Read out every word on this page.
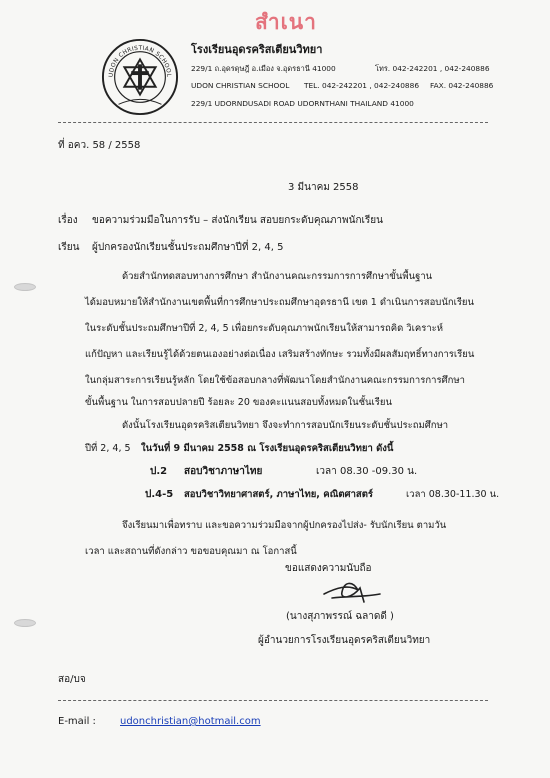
สำเนา
UDON CHRISTIAN SCHOOL
โรงเรียนอุดรคริสเตียนวิทยา
229/1 ถ.อุดรดุษฎี อ.เมือง จ.อุดรธานี 41000	โทร. 042-242201 , 042-240886
UDON CHRISTIAN SCHOOL TEL. 042-242201 , 042-240886 FAX. 042-240886
229/1 UDORNDUSADI ROAD UDORNTHANI THAILAND 41000
ที่ อคว. 58 / 2558
3 มีนาคม 2558
เรื่อง ขอความร่วมมือในการรับ – ส่งนักเรียน สอบยกระดับคุณภาพนักเรียน
เรียน ผู้ปกครองนักเรียนชั้นประถมศึกษาปีที่ 2, 4, 5
ด้วยสำนักทดสอบทางการศึกษา สำนักงานคณะกรรมการการศึกษาขั้นพื้นฐาน
ได้มอบหมายให้สำนักงานเขตพื้นที่การศึกษาประถมศึกษาอุดรธานี เขต 1 ดำเนินการสอบนักเรียน
ในระดับชั้นประถมศึกษาปีที่ 2, 4, 5 เพื่อยกระดับคุณภาพนักเรียนให้สามารถคิด วิเคราะห์
แก้ปัญหา และเรียนรู้ได้ด้วยตนเองอย่างต่อเนื่อง เสริมสร้างทักษะ รวมทั้งมีผลสัมฤทธิ์ทางการเรียน
ในกลุ่มสาระการเรียนรู้หลัก โดยใช้ข้อสอบกลางที่พัฒนาโดยสำนักงานคณะกรรมการการศึกษา
ขั้นพื้นฐาน ในการสอบปลายปี ร้อยละ 20 ของคะแนนสอบทั้งหมดในชั้นเรียน
ดังนั้นโรงเรียนอุดรคริสเตียนวิทยา จึงจะทำการสอบนักเรียนระดับชั้นประถมศึกษา
ปีที่ 2, 4, 5 ในวันที่ 9 มีนาคม 2558 ณ โรงเรียนอุดรคริสเตียนวิทยา ดังนี้
ป.2 สอบวิชาภาษาไทย	เวลา 08.30 -09.30 น.
ป.4-5 สอบวิชาวิทยาศาสตร์, ภาษาไทย, คณิตศาสตร์	เวลา 08.30-11.30 น.
จึงเรียนมาเพื่อทราบ และขอความร่วมมือจากผู้ปกครองไปส่ง- รับนักเรียน ตามวัน
เวลา และสถานที่ดังกล่าว ขอขอบคุณมา ณ โอกาสนี้
ขอแสดงความนับถือ
(นางสุภาพรรณ์ ฉลาดดี )
ผู้อำนวยการโรงเรียนอุดรคริสเตียนวิทยา
สอ/บจ
E-mail : udonchristian@hotmail.com
